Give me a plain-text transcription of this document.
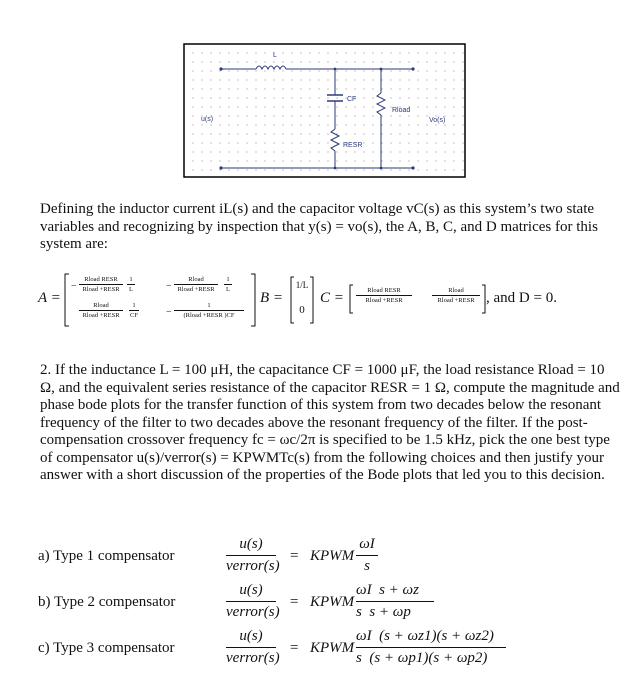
L
CF
Rload
u(s)	Vo(s)
RESR
Defining the inductor current iL(s) and the capacitor voltage vC(s) as this system’s two state variables and recognizing by inspection that y(s) = vo(s), the A, B, C, and D matrices for this system are:
A =
−
Rload RESR
Rload +RESR
1
L	−
Rload
Rload +RESR
1
L
Rload
Rload +RESR
1
CF	−
1
(Rload +RESR )CF
B =
1/L
0
C =	Rload RESR
Rload +RESR
Rload
Rload +RESR , and D = 0.
2. If the inductance L = 100 μH, the capacitance CF = 1000 μF, the load resistance Rload = 10 Ω, and the equivalent series resistance of the capacitor RESR = 1 Ω, compute the magnitude and phase bode plots for the transfer function of this system from two decades below the resonant frequency of the filter to two decades above the resonant frequency of the filter. If the post-compensation crossover frequency fc = ωc/2π is specified to be 1.5 kHz, pick the one best type of compensator u(s)/verror(s) = KPWMTc(s) from the following choices and then justify your answer with a short discussion of the properties of the Bode plots that led you to this decision.
a) Type 1 compensator
u(s)
verror(s)
= KPWM
ωI
s
b) Type 2 compensator
u(s)
verror(s)
= KPWM
ωI  s + ωz
s  s + ωp
c) Type 3 compensator
u(s)
verror(s)
= KPWM
ωI  (s + ωz1)(s + ωz2)
s  (s + ωp1)(s + ωp2)
